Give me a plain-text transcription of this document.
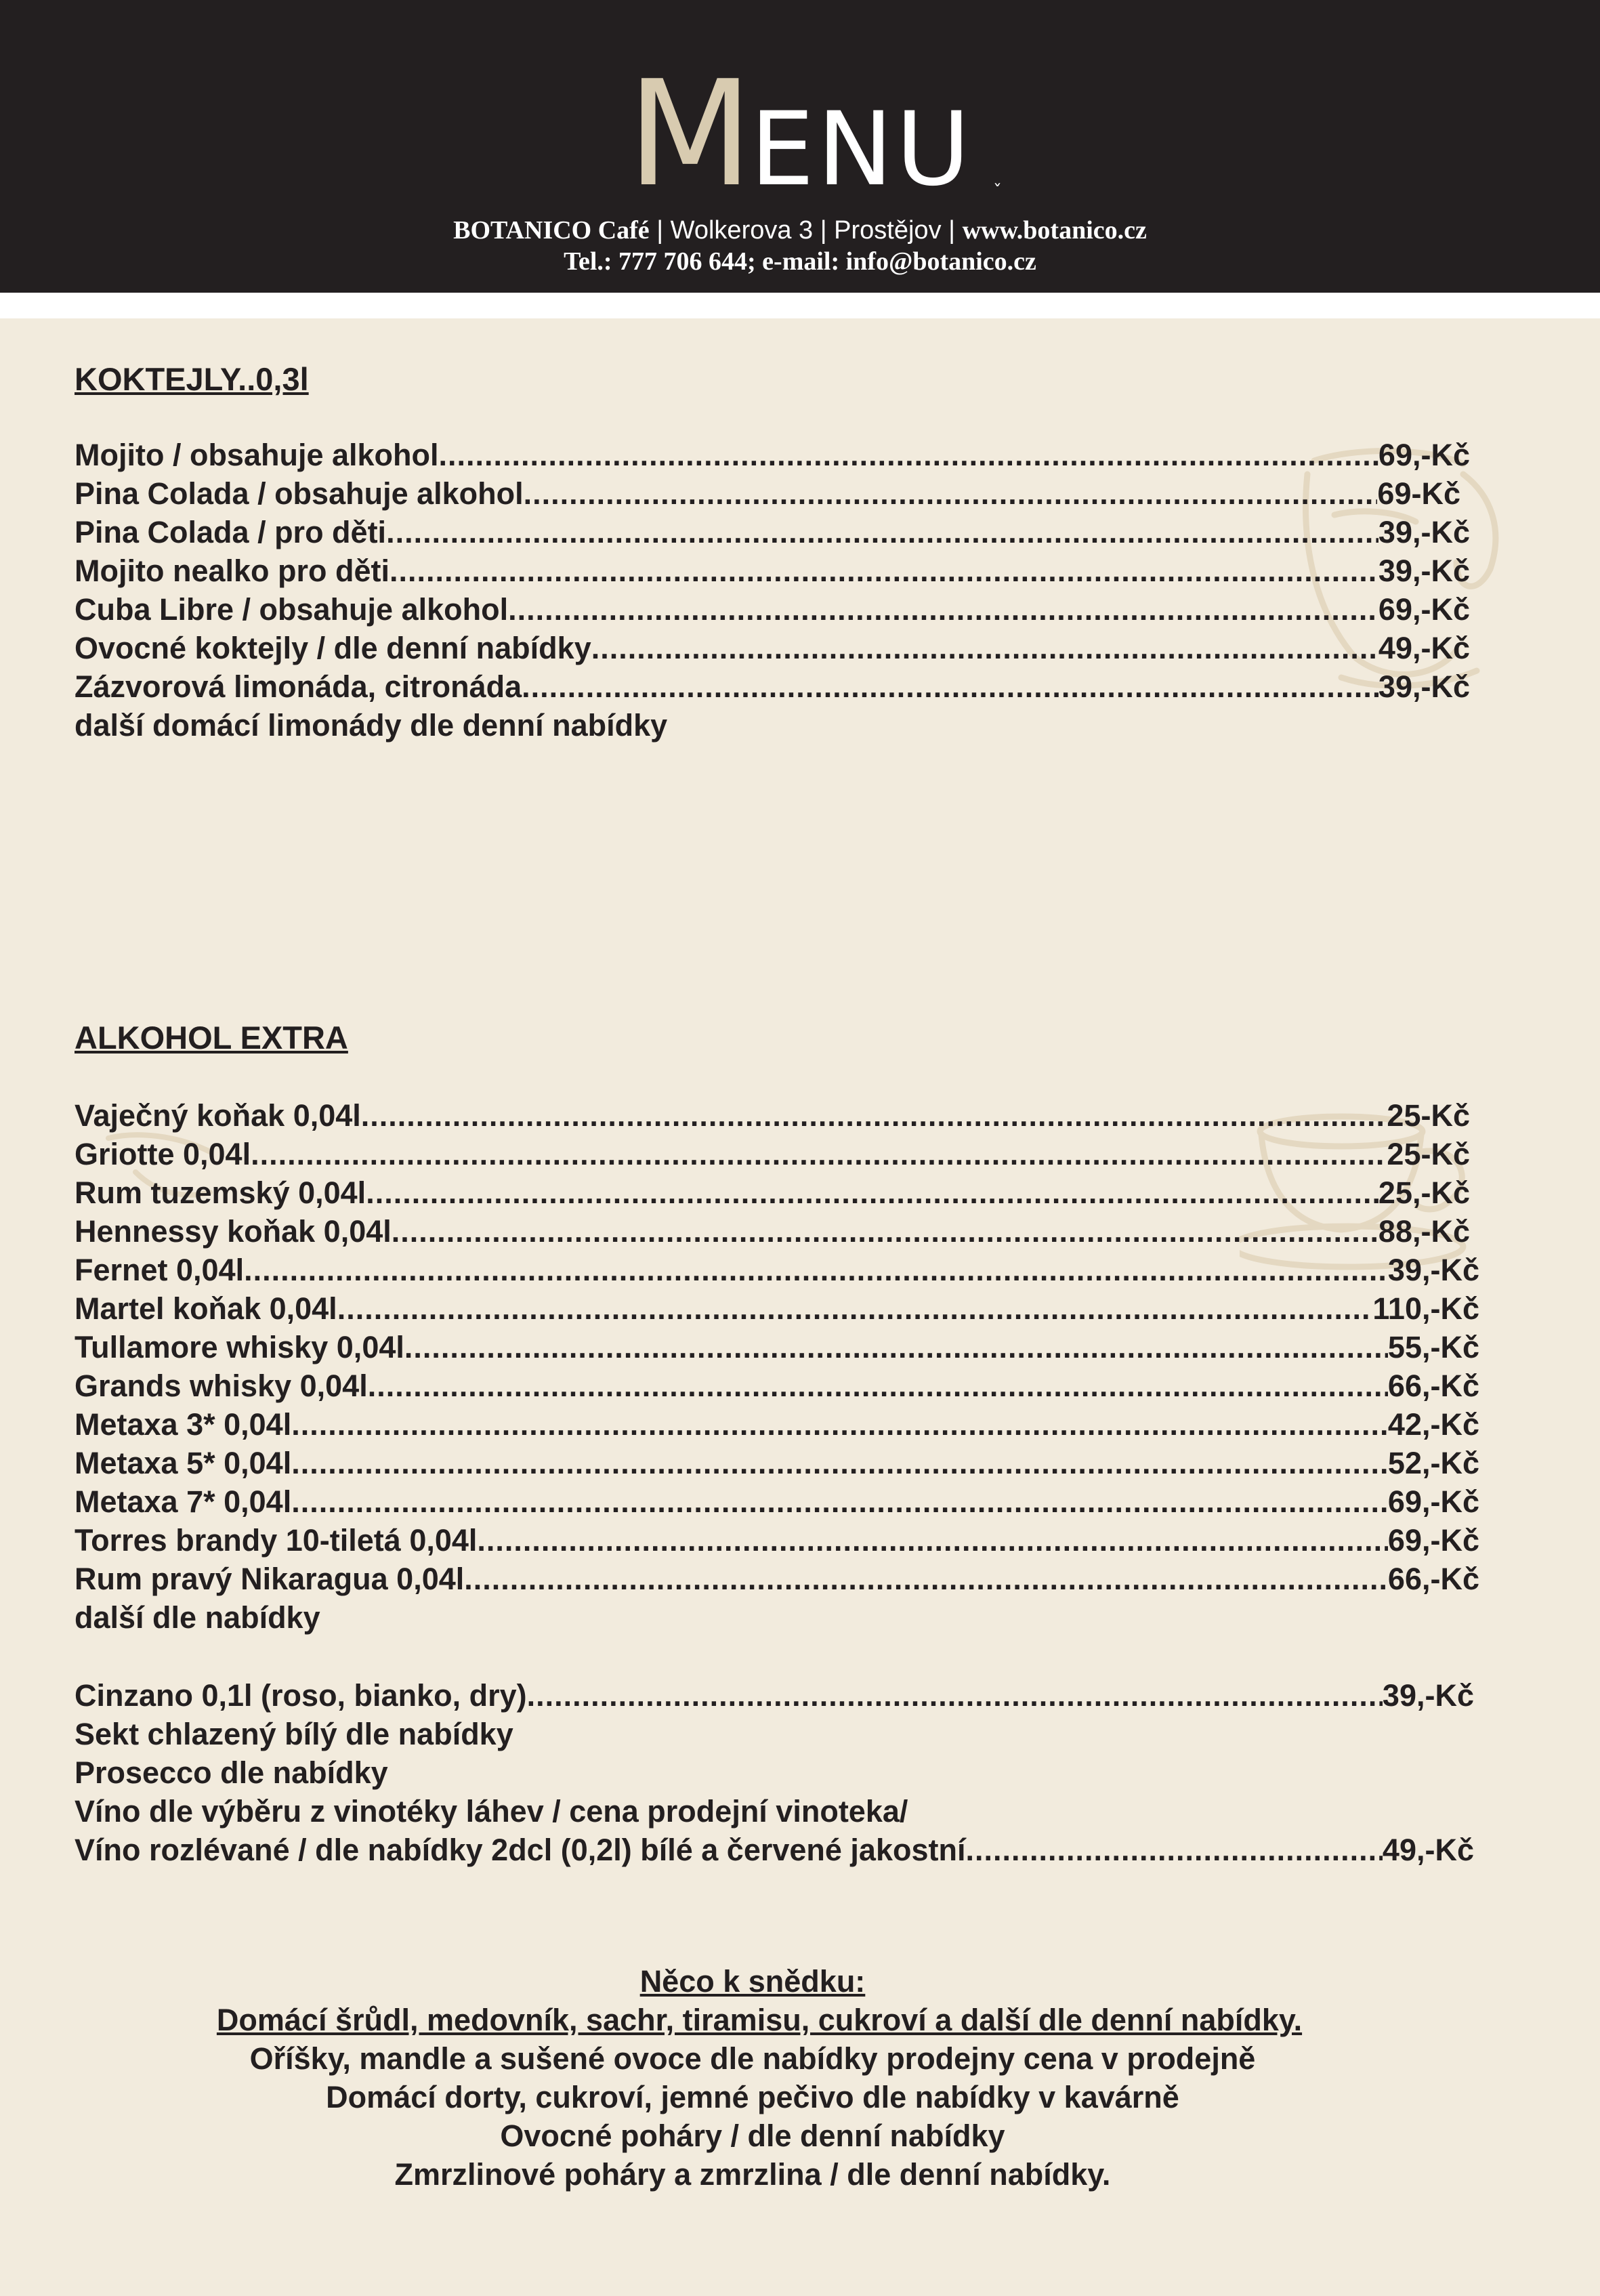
MENU	ˇ
BOTANICO Café | Wolkerova 3 | Prostějov | www.botanico.cz
Tel.: 777 706 644; e-mail: info@botanico.cz
KOKTEJLY..0,3l
Mojito / obsahuje alkohol .....	69,-Kč
Pina Colada / obsahuje alkohol .....	69-Kč
Pina Colada / pro děti .....	39,-Kč
Mojito nealko pro děti .....	39,-Kč
Cuba Libre / obsahuje alkohol .....	69,-Kč
Ovocné koktejly / dle denní nabídky .....	49,-Kč
Zázvorová limonáda, citronáda .....	39,-Kč
další domácí limonády dle denní nabídky
ALKOHOL EXTRA
Vaječný koňak 0,04l .....	25-Kč
Griotte 0,04l .....	25-Kč
Rum tuzemský 0,04l .....	25,-Kč
Hennessy koňak 0,04l .....	88,-Kč
Fernet 0,04l .....	39,-Kč
Martel koňak 0,04l .....	110,-Kč
Tullamore whisky 0,04l .....	55,-Kč
Grands whisky 0,04l .....	66,-Kč
Metaxa 3* 0,04l .....	42,-Kč
Metaxa 5* 0,04l .....	52,-Kč
Metaxa 7* 0,04l .....	69,-Kč
Torres brandy 10-tiletá 0,04l .....	69,-Kč
Rum pravý Nikaragua 0,04l .....	66,-Kč
další dle nabídky
Cinzano 0,1l (roso, bianko, dry) .....	39,-Kč
Sekt chlazený bílý dle nabídky
Prosecco dle nabídky
Víno dle výběru z vinotéky láhev / cena prodejní vinoteka/
Víno rozlévané / dle nabídky 2dcl (0,2l) bílé a červené jakostní .....	49,-Kč
Něco k snědku:
Domácí šrůdl, medovník, sachr, tiramisu, cukroví a další dle denní nabídky.
Oříšky, mandle a sušené ovoce dle nabídky prodejny cena v prodejně
Domácí dorty, cukroví, jemné pečivo dle nabídky v kavárně
Ovocné poháry / dle denní nabídky
Zmrzlinové poháry a zmrzlina / dle denní nabídky.
